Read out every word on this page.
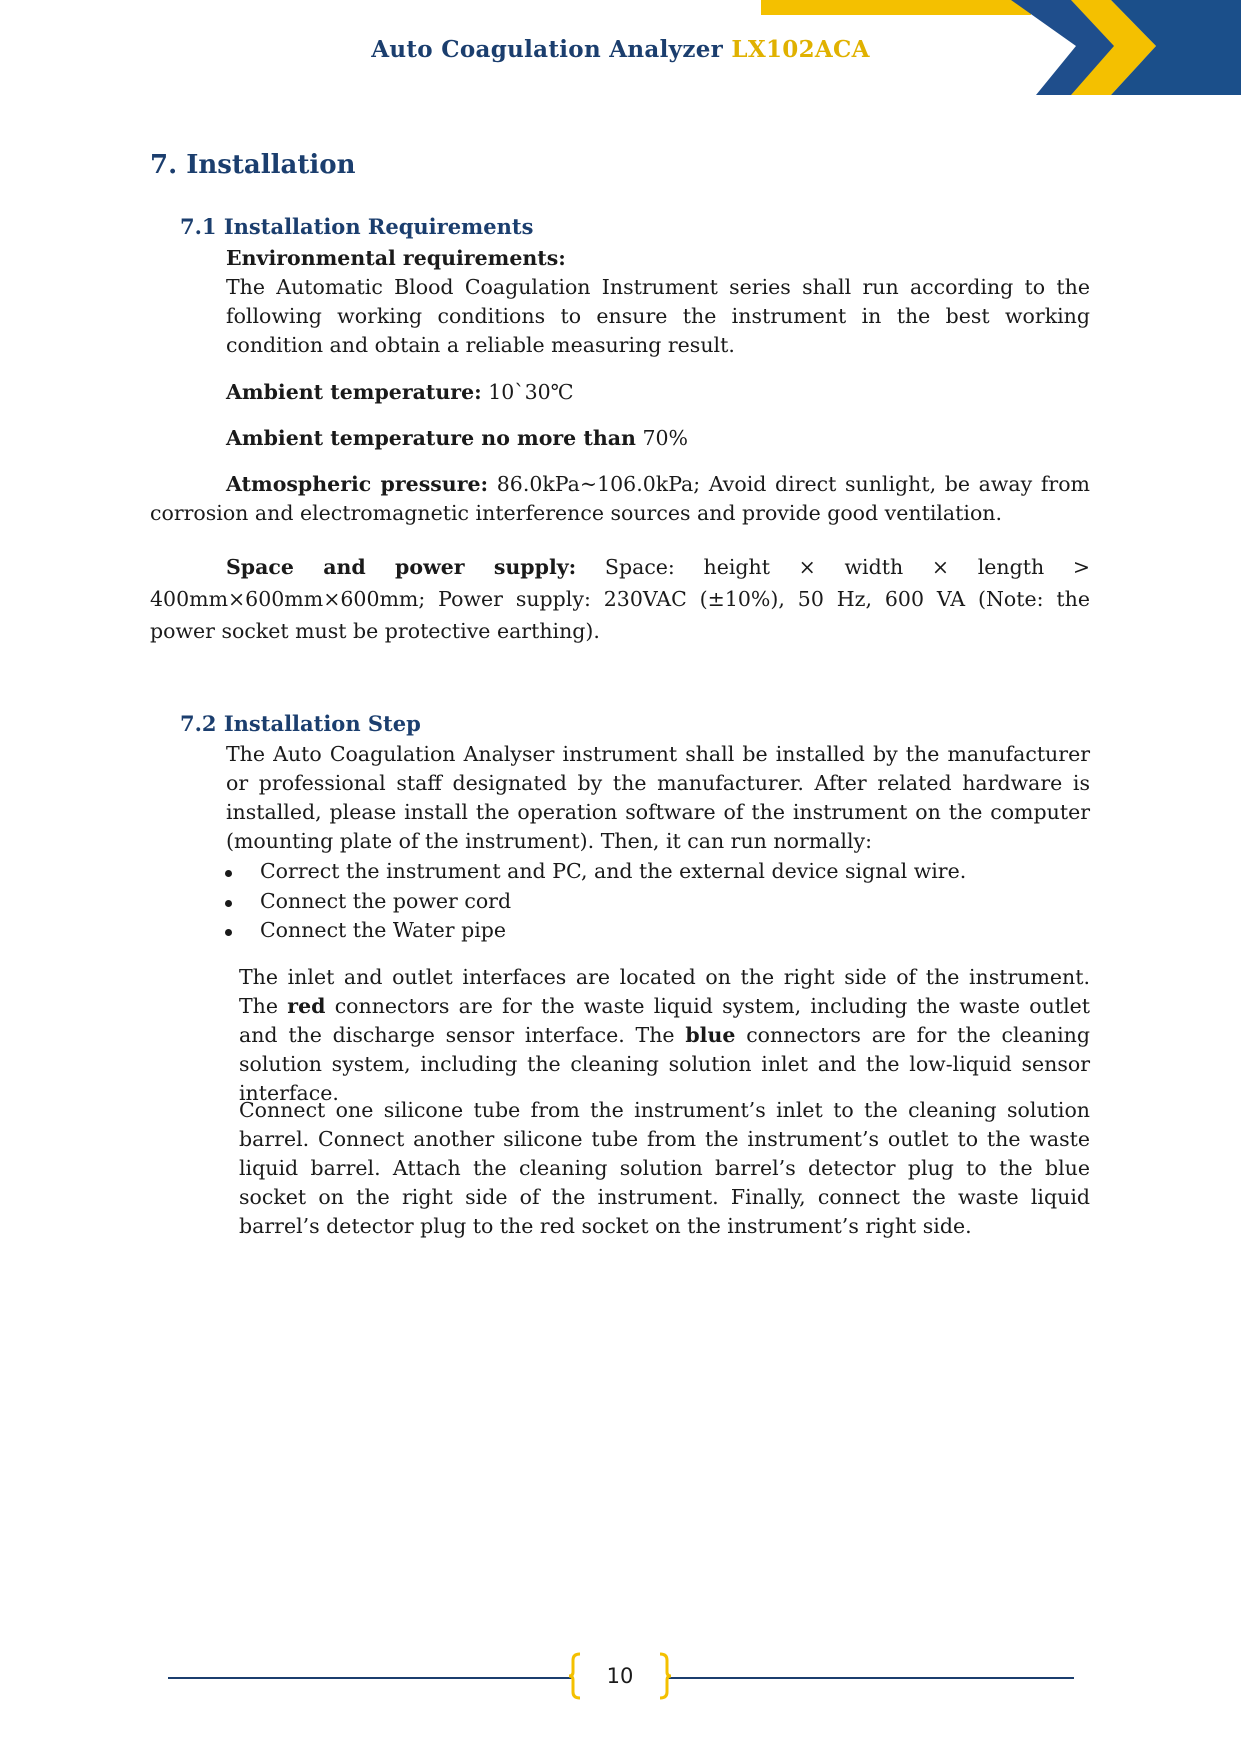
Auto Coagulation Analyzer LX102ACA
7. Installation
7.1 Installation Requirements
Environmental requirements:
The Automatic Blood Coagulation Instrument series shall run according to the following working conditions to ensure the instrument in the best working condition and obtain a reliable measuring result.
Ambient temperature: 10`30℃
Ambient temperature no more than 70%
Atmospheric pressure: 86.0kPa~106.0kPa; Avoid direct sunlight, be away from corrosion and electromagnetic interference sources and provide good ventilation.
Space and power supply: Space: height × width × length > 400mm×600mm×600mm; Power supply: 230VAC (±10%), 50 Hz, 600 VA (Note: the power socket must be protective earthing).
7.2 Installation Step
The Auto Coagulation Analyser instrument shall be installed by the manufacturer or professional staff designated by the manufacturer. After related hardware is installed, please install the operation software of the instrument on the computer (mounting plate of the instrument). Then, it can run normally:
Correct the instrument and PC, and the external device signal wire.
Connect the power cord
Connect the Water pipe
The inlet and outlet interfaces are located on the right side of the instrument. The red connectors are for the waste liquid system, including the waste outlet and the discharge sensor interface. The blue connectors are for the cleaning solution system, including the cleaning solution inlet and the low-liquid sensor interface.
Connect one silicone tube from the instrument’s inlet to the cleaning solution barrel. Connect another silicone tube from the instrument’s outlet to the waste liquid barrel. Attach the cleaning solution barrel’s detector plug to the blue socket on the right side of the instrument. Finally, connect the waste liquid barrel’s detector plug to the red socket on the instrument’s right side.
10
